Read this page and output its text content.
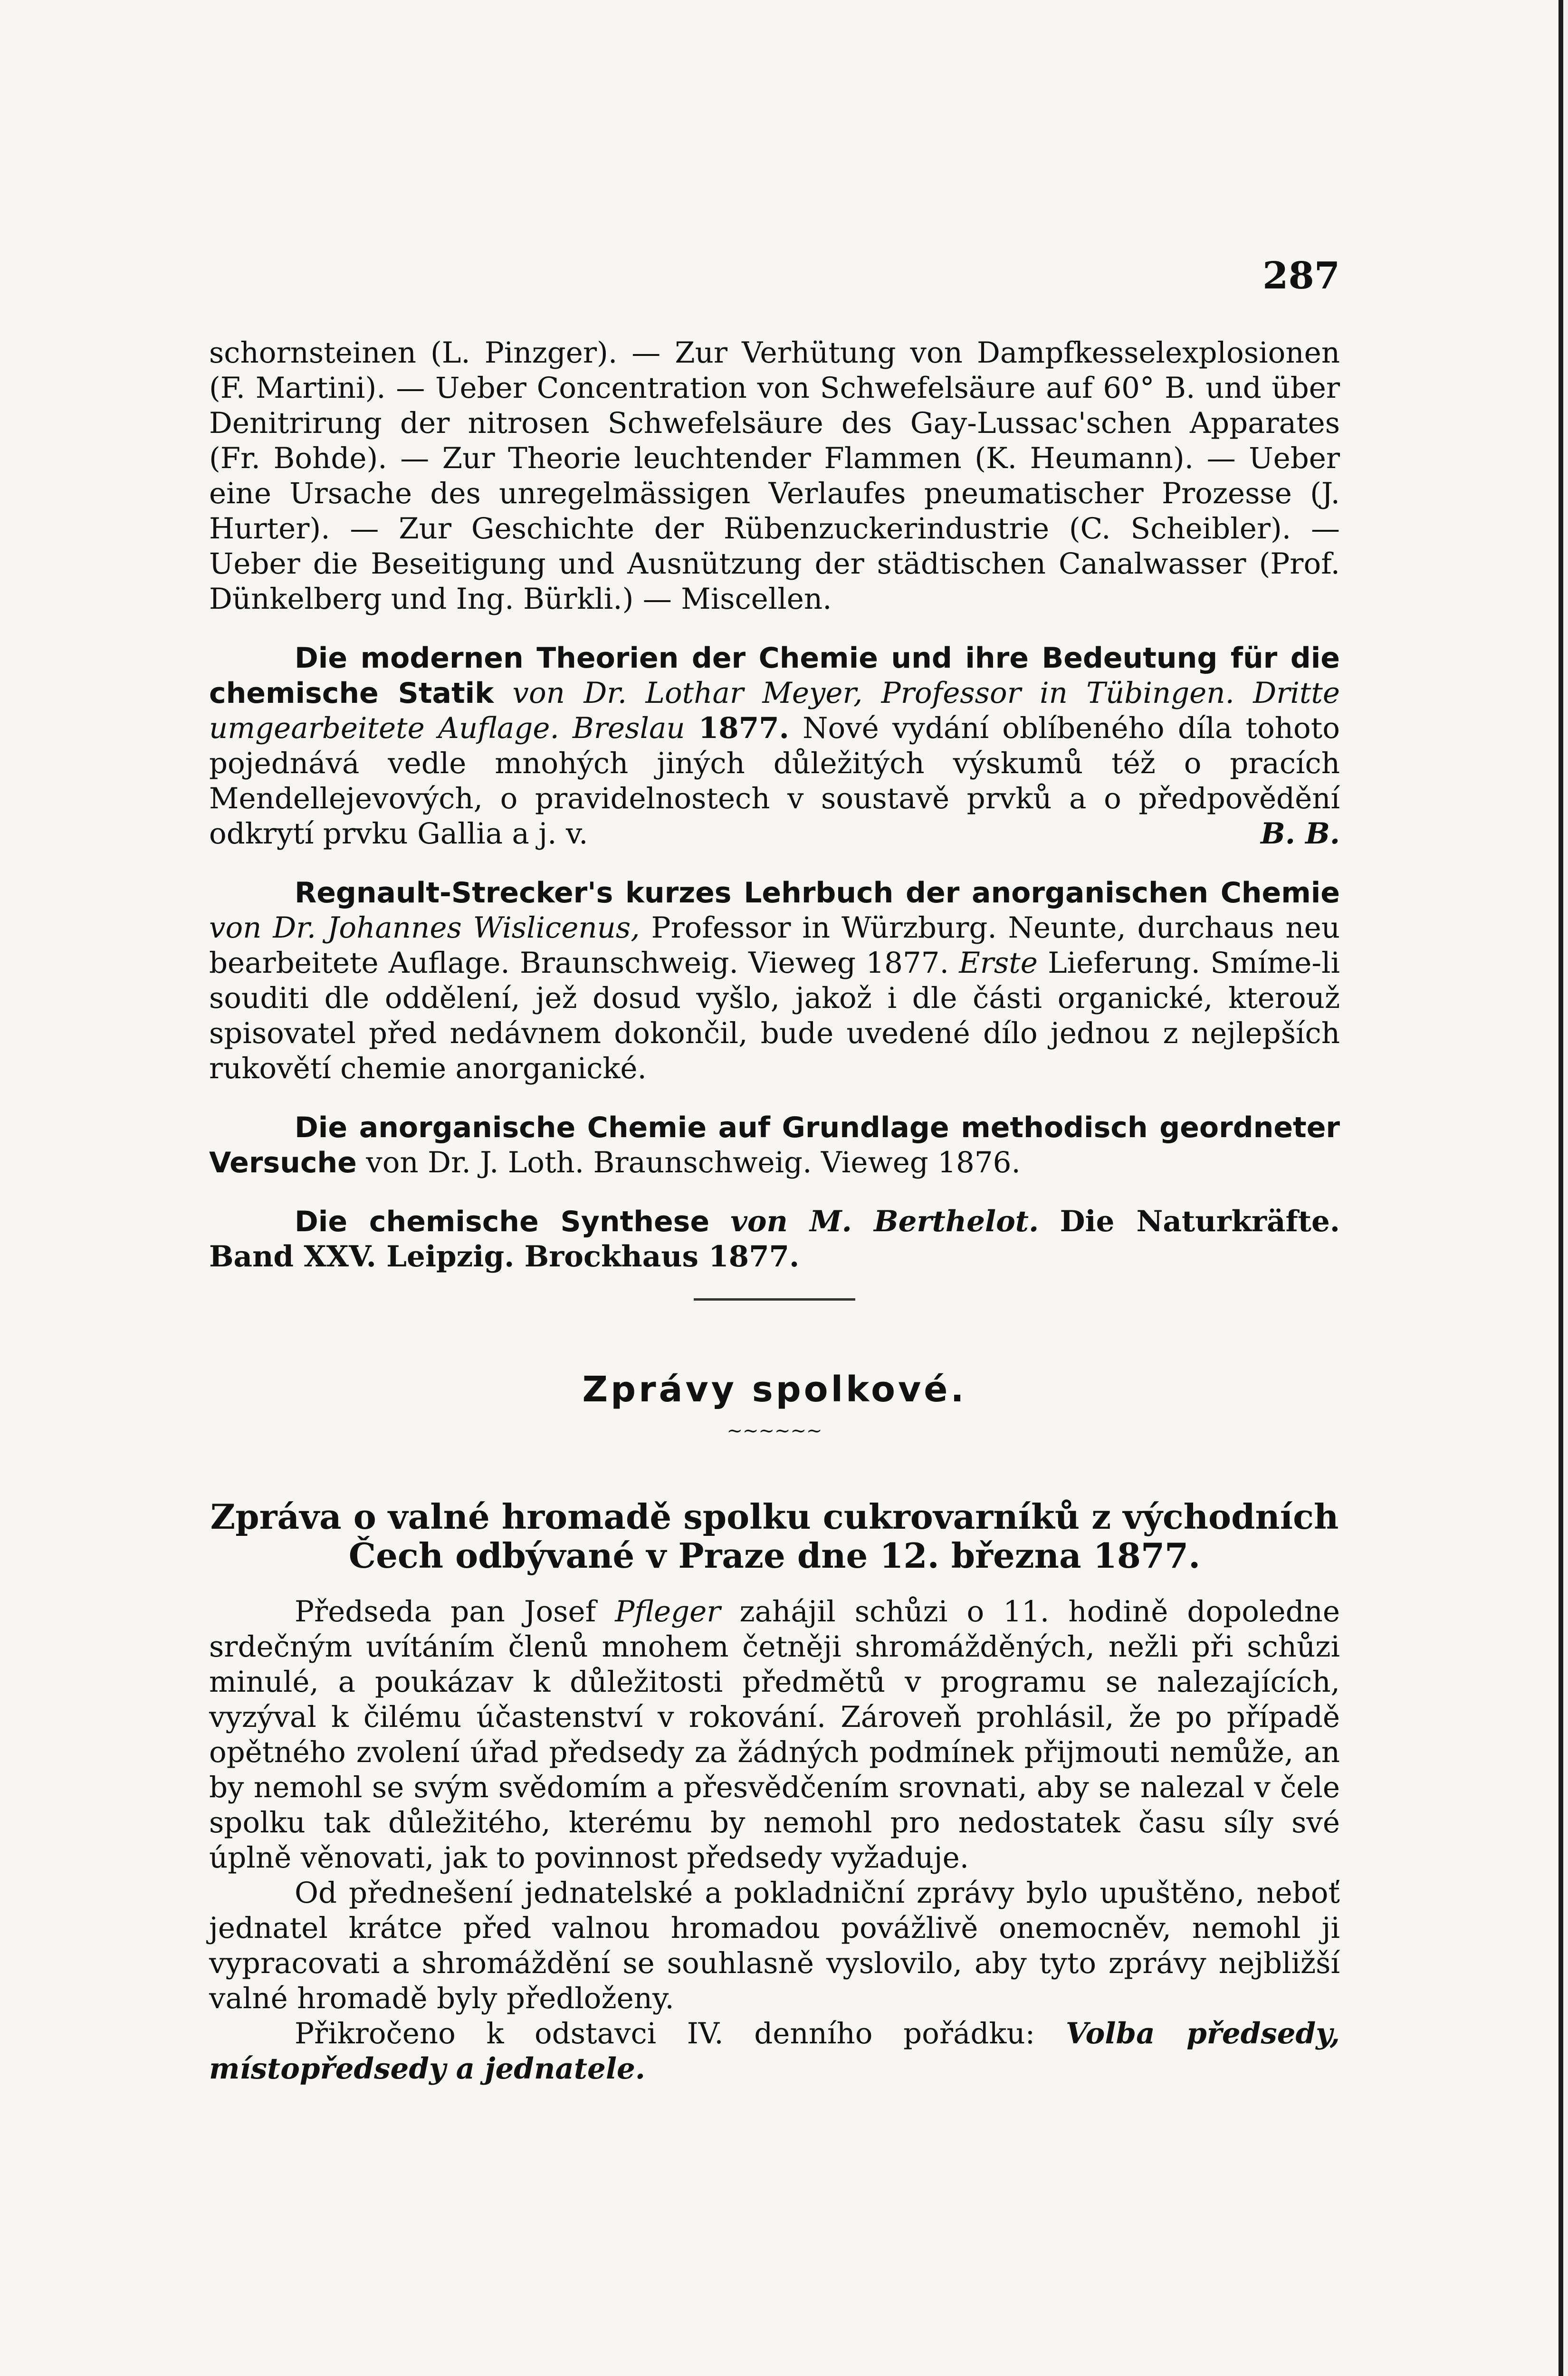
287

schornsteinen (L. Pinzger). — Zur Verhütung von Dampfkesselexplosionen (F. Martini). — Ueber Concentration von Schwefelsäure auf 60° B. und über Denitrirung der nitrosen Schwefelsäure des Gay-Lussac'schen Apparates (Fr. Bohde). — Zur Theorie leuchtender Flammen (K. Heumann). — Ueber eine Ursache des unregelmässigen Verlaufes pneumatischer Prozesse (J. Hurter). — Zur Geschichte der Rübenzuckerindustrie (C. Scheibler). — Ueber die Beseitigung und Ausnützung der städtischen Canalwasser (Prof. Dünkelberg und Ing. Bürkli.) — Miscellen.

Die modernen Theorien der Chemie und ihre Bedeutung für die chemische Statik von Dr. Lothar Meyer, Professor in Tübingen. Dritte umgearbeitete Auflage. Breslau 1877. Nové vydání oblíbeného díla tohoto pojednává vedle mnohých jiných důležitých výskumů též o pracích Mendellejevových, o pravidelnostech v soustavě prvků a o předpovědění odkrytí prvku Gallia a j. v.	B. B.

Regnault-Strecker's kurzes Lehrbuch der anorganischen Chemie von Dr. Johannes Wislicenus, Professor in Würzburg. Neunte, durchaus neu bearbeitete Auflage. Braunschweig. Vieweg 1877. Erste Lieferung. Smíme-li souditi dle oddělení, jež dosud vyšlo, jakož i dle části organické, kterouž spisovatel před nedávnem dokončil, bude uvedené dílo jednou z nejlepších rukovětí chemie anorganické.

Die anorganische Chemie auf Grundlage methodisch geordneter Versuche von Dr. J. Loth. Braunschweig. Vieweg 1876.

Die chemische Synthese von M. Berthelot. Die Naturkräfte. Band XXV. Leipzig. Brockhaus 1877.

Zprávy spolkové.
~~~~~~
Zpráva o valné hromadě spolku cukrovarníků z východních Čech odbývané v Praze dne 12. března 1877.

Předseda pan Josef Pfleger zahájil schůzi o 11. hodině dopoledne srdečným uvítáním členů mnohem četněji shromážděných, nežli při schůzi minulé, a poukázav k důležitosti předmětů v programu se nalezajících, vyzýval k čilému účastenství v rokování. Zároveň prohlásil, že po případě opětného zvolení úřad předsedy za žádných podmínek přijmouti nemůže, an by nemohl se svým svědomím a přesvědčením srovnati, aby se nalezal v čele spolku tak důležitého, kterému by nemohl pro nedostatek času síly své úplně věnovati, jak to povinnost předsedy vyžaduje.

Od přednešení jednatelské a pokladniční zprávy bylo upuštěno, neboť jednatel krátce před valnou hromadou povážlivě onemocněv, nemohl ji vypracovati a shromáždění se souhlasně vyslovilo, aby tyto zprávy nejbližší valné hromadě byly předloženy.

Přikročeno k odstavci IV. denního pořádku: Volba předsedy, místopředsedy a jednatele.
